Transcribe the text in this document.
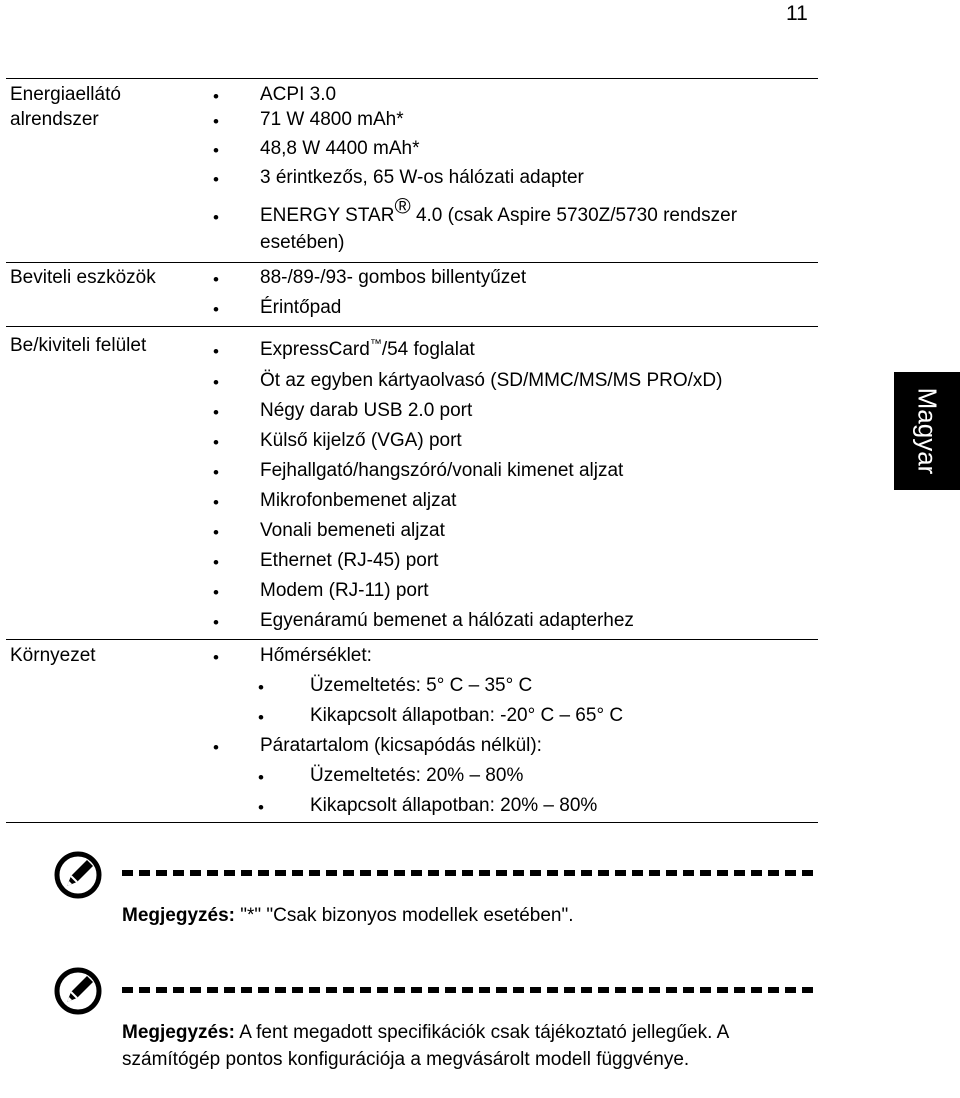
11
Magyar
Energiaellátó
alrendszer
• ACPI 3.0
• 71 W 4800 mAh*
• 48,8 W 4400 mAh*
• 3 érintkezős, 65 W-os hálózati adapter
• ENERGY STAR® 4.0 (csak Aspire 5730Z/5730 rendszer
esetében)
Beviteli eszközök	• 88-/89-/93- gombos billentyűzet
• Érintőpad
Be/kiviteli felület	• ExpressCard™/54 foglalat
• Öt az egyben kártyaolvasó (SD/MMC/MS/MS PRO/xD)
• Négy darab USB 2.0 port
• Külső kijelző (VGA) port
• Fejhallgató/hangszóró/vonali kimenet aljzat
• Mikrofonbemenet aljzat
• Vonali bemeneti aljzat
• Ethernet (RJ-45) port
• Modem (RJ-11) port
• Egyenáramú bemenet a hálózati adapterhez
Környezet	• Hőmérséklet:
• Üzemeltetés: 5° C – 35° C
• Kikapcsolt állapotban: -20° C – 65° C
• Páratartalom (kicsapódás nélkül):
• Üzemeltetés: 20% – 80%
• Kikapcsolt állapotban: 20% – 80%
Megjegyzés: "*" "Csak bizonyos modellek esetében".
Megjegyzés: A fent megadott specifikációk csak tájékoztató jellegűek. A számítógép pontos konfigurációja a megvásárolt modell függvénye.
